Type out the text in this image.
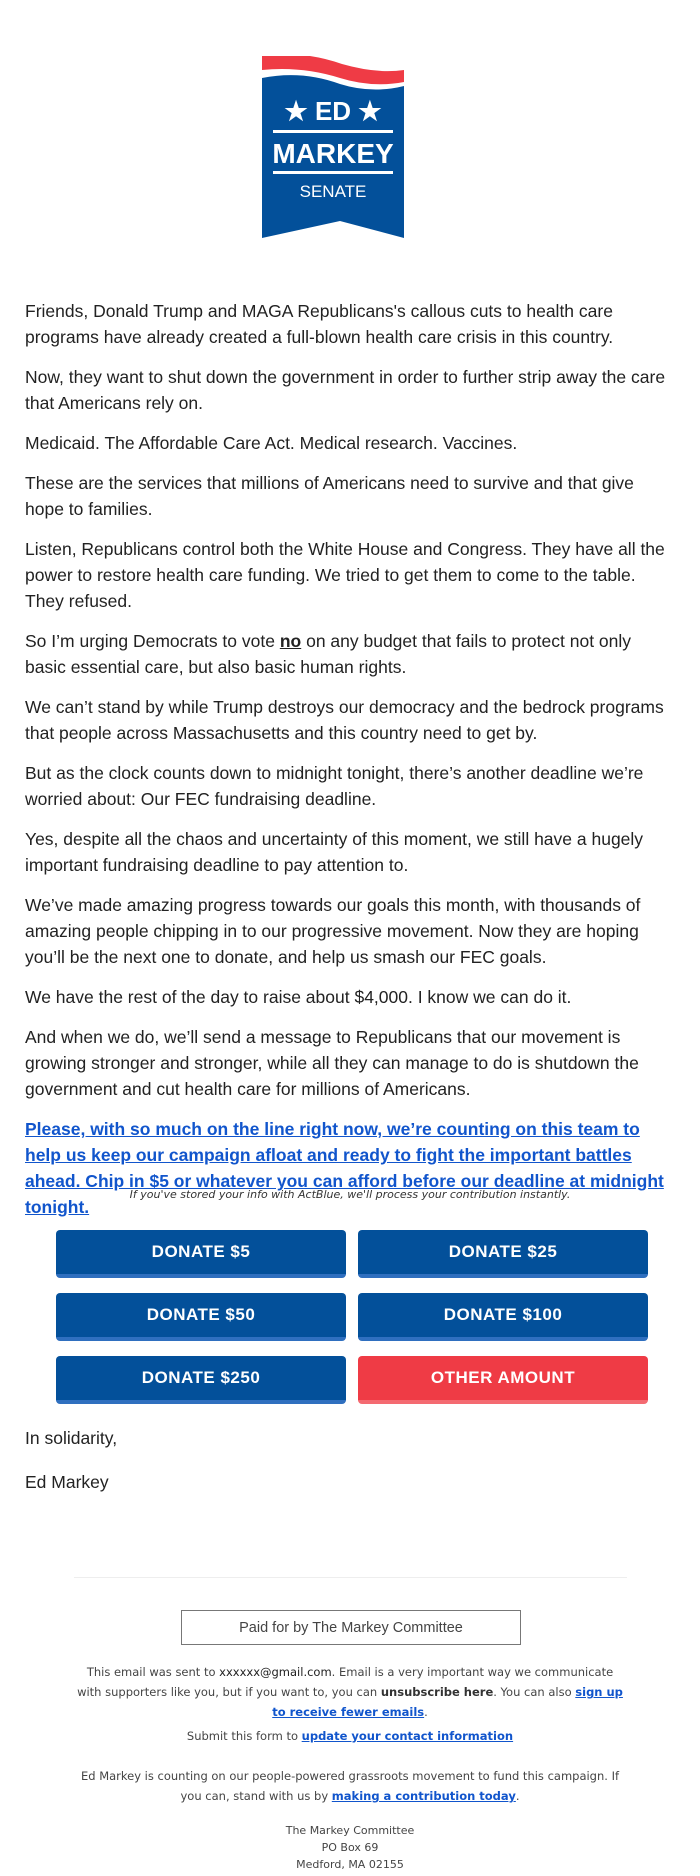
★ ED ★
MARKEY
SENATE

Friends, Donald Trump and MAGA Republicans's callous cuts to health care programs have already created a full-blown health care crisis in this country.

Now, they want to shut down the government in order to further strip away the care that Americans rely on.

Medicaid. The Affordable Care Act. Medical research. Vaccines.

These are the services that millions of Americans need to survive and that give hope to families.

Listen, Republicans control both the White House and Congress. They have all the power to restore health care funding. We tried to get them to come to the table. They refused.

So I’m urging Democrats to vote no on any budget that fails to protect not only basic essential care, but also basic human rights.

We can’t stand by while Trump destroys our democracy and the bedrock programs that people across Massachusetts and this country need to get by.

But as the clock counts down to midnight tonight, there’s another deadline we’re worried about: Our FEC fundraising deadline.

Yes, despite all the chaos and uncertainty of this moment, we still have a hugely important fundraising deadline to pay attention to.

We’ve made amazing progress towards our goals this month, with thousands of amazing people chipping in to our progressive movement. Now they are hoping you’ll be the next one to donate, and help us smash our FEC goals.

We have the rest of the day to raise about $4,000. I know we can do it.

And when we do, we’ll send a message to Republicans that our movement is growing stronger and stronger, while all they can manage to do is shutdown the government and cut health care for millions of Americans.

Please, with so much on the line right now, we’re counting on this team to help us keep our campaign afloat and ready to fight the important battles ahead. Chip in $5 or whatever you can afford before our deadline at midnight tonight.

If you've stored your info with ActBlue, we'll process your contribution instantly.
DONATE $5	DONATE $25
DONATE $50	DONATE $100
DONATE $250	OTHER AMOUNT
In solidarity,
Ed Markey
Paid for by The Markey Committee
This email was sent to xxxxxx@gmail.com. Email is a very important way we communicate with supporters like you, but if you want to, you can unsubscribe here. You can also sign up to receive fewer emails.
Submit this form to update your contact information
Ed Markey is counting on our people-powered grassroots movement to fund this campaign. If you can, stand with us by making a contribution today.
The Markey Committee
PO Box 69
Medford, MA 02155
